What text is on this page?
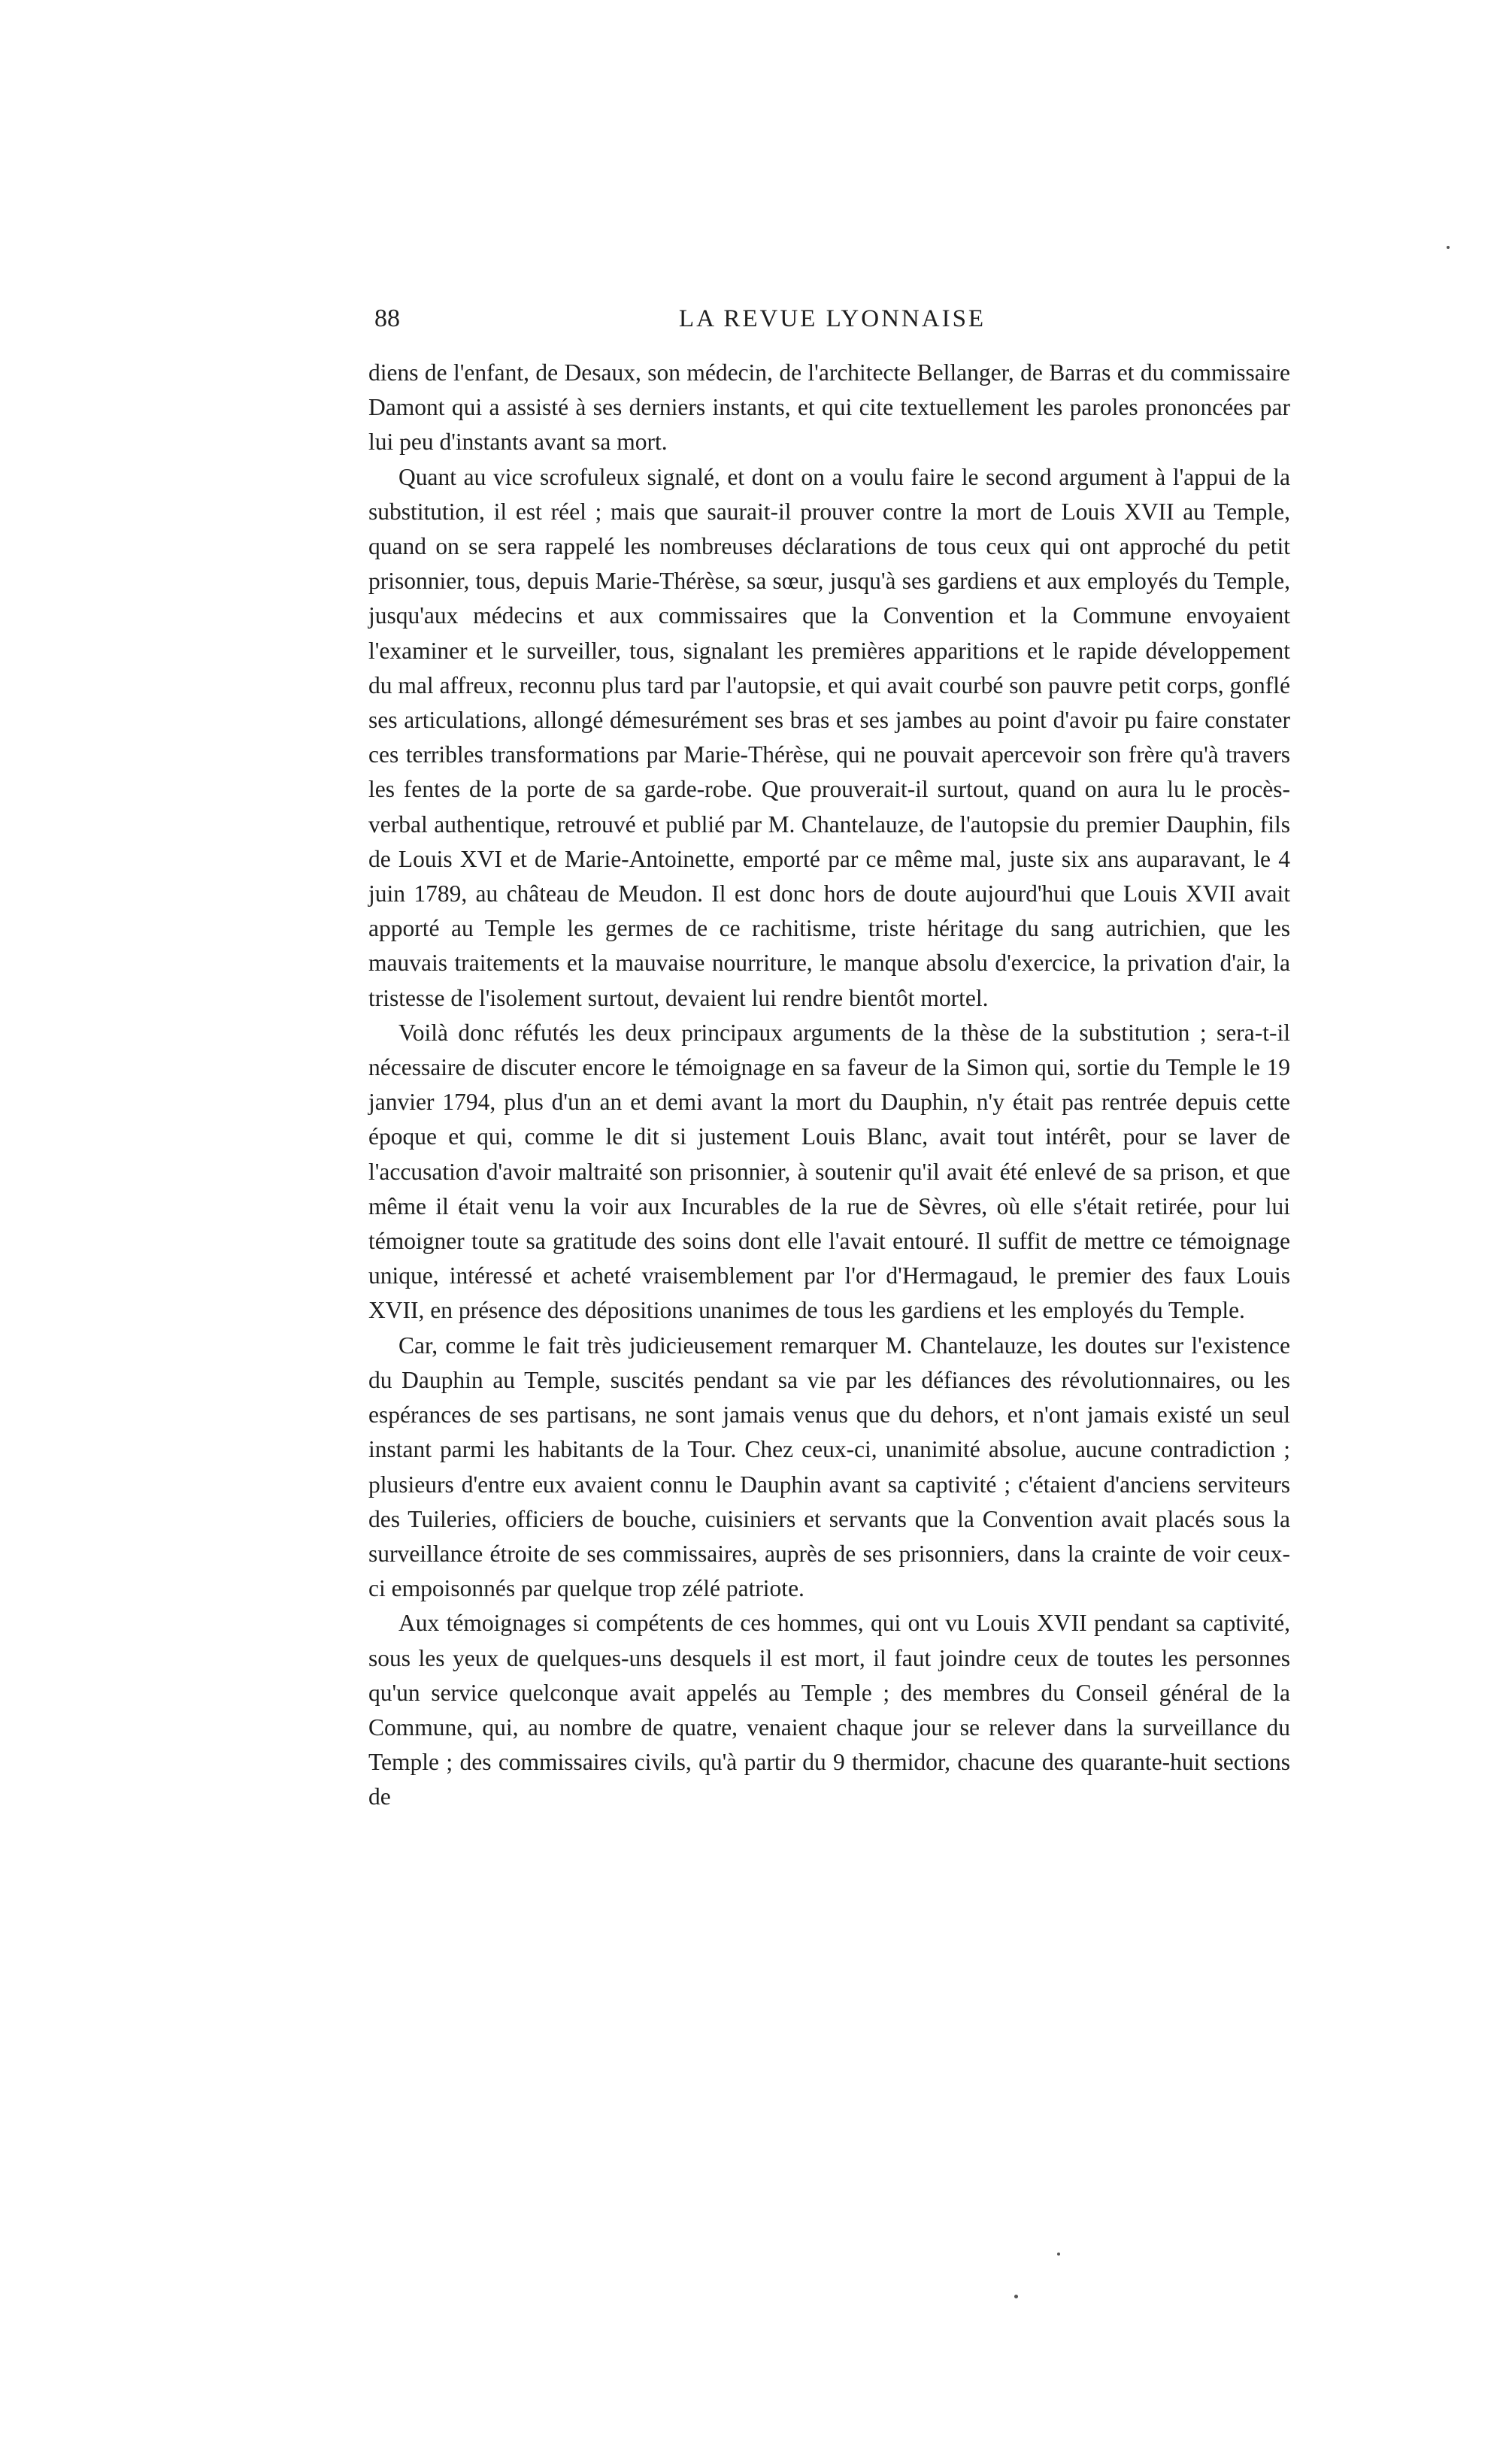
88	LA REVUE LYONNAISE

diens de l'enfant, de Desaux, son médecin, de l'architecte Bellanger, de Barras et du commissaire Damont qui a assisté à ses derniers instants, et qui cite textuellement les paroles prononcées par lui peu d'instants avant sa mort.

Quant au vice scrofuleux signalé, et dont on a voulu faire le second argument à l'appui de la substitution, il est réel ; mais que saurait-il prouver contre la mort de Louis XVII au Temple, quand on se sera rappelé les nombreuses déclarations de tous ceux qui ont approché du petit prisonnier, tous, depuis Marie-Thérèse, sa sœur, jusqu'à ses gardiens et aux employés du Temple, jusqu'aux médecins et aux commissaires que la Convention et la Commune envoyaient l'examiner et le surveiller, tous, signalant les premières apparitions et le rapide développement du mal affreux, reconnu plus tard par l'autopsie, et qui avait courbé son pauvre petit corps, gonflé ses articulations, allongé démesurément ses bras et ses jambes au point d'avoir pu faire constater ces terribles transformations par Marie-Thérèse, qui ne pouvait apercevoir son frère qu'à travers les fentes de la porte de sa garde-robe. Que prouverait-il surtout, quand on aura lu le procès-verbal authentique, retrouvé et publié par M. Chantelauze, de l'autopsie du premier Dauphin, fils de Louis XVI et de Marie-Antoinette, emporté par ce même mal, juste six ans auparavant, le 4 juin 1789, au château de Meudon. Il est donc hors de doute aujourd'hui que Louis XVII avait apporté au Temple les germes de ce rachitisme, triste héritage du sang autrichien, que les mauvais traitements et la mauvaise nourriture, le manque absolu d'exercice, la privation d'air, la tristesse de l'isolement surtout, devaient lui rendre bientôt mortel.

Voilà donc réfutés les deux principaux arguments de la thèse de la substitution ; sera-t-il nécessaire de discuter encore le témoignage en sa faveur de la Simon qui, sortie du Temple le 19 janvier 1794, plus d'un an et demi avant la mort du Dauphin, n'y était pas rentrée depuis cette époque et qui, comme le dit si justement Louis Blanc, avait tout intérêt, pour se laver de l'accusation d'avoir maltraité son prisonnier, à soutenir qu'il avait été enlevé de sa prison, et que même il était venu la voir aux Incurables de la rue de Sèvres, où elle s'était retirée, pour lui témoigner toute sa gratitude des soins dont elle l'avait entouré. Il suffit de mettre ce témoignage unique, intéressé et acheté vraisemblement par l'or d'Hermagaud, le premier des faux Louis XVII, en présence des dépositions unanimes de tous les gardiens et les employés du Temple.

Car, comme le fait très judicieusement remarquer M. Chantelauze, les doutes sur l'existence du Dauphin au Temple, suscités pendant sa vie par les défiances des révolutionnaires, ou les espérances de ses partisans, ne sont jamais venus que du dehors, et n'ont jamais existé un seul instant parmi les habitants de la Tour. Chez ceux-ci, unanimité absolue, aucune contradiction ; plusieurs d'entre eux avaient connu le Dauphin avant sa captivité ; c'étaient d'anciens serviteurs des Tuileries, officiers de bouche, cuisiniers et servants que la Convention avait placés sous la surveillance étroite de ses commissaires, auprès de ses prisonniers, dans la crainte de voir ceux-ci empoisonnés par quelque trop zélé patriote.

Aux témoignages si compétents de ces hommes, qui ont vu Louis XVII pendant sa captivité, sous les yeux de quelques-uns desquels il est mort, il faut joindre ceux de toutes les personnes qu'un service quelconque avait appelés au Temple ; des membres du Conseil général de la Commune, qui, au nombre de quatre, venaient chaque jour se relever dans la surveillance du Temple ; des commissaires civils, qu'à partir du 9 thermidor, chacune des quarante-huit sections de
